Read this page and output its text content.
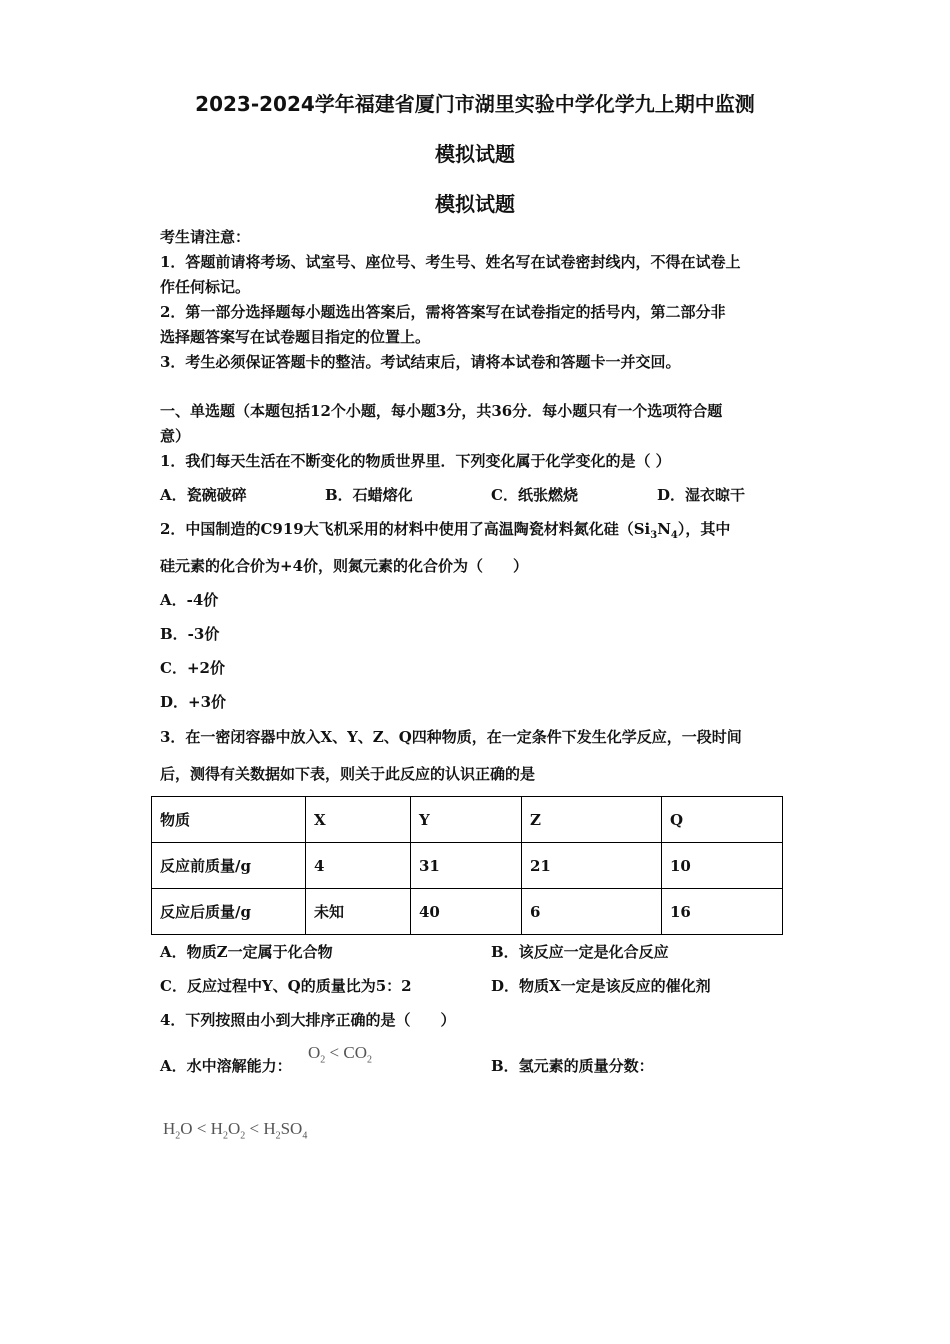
2023-2024学年福建省厦门市湖里实验中学化学九上期中监测
模拟试题
模拟试题
考生请注意：
1．答题前请将考场、试室号、座位号、考生号、姓名写在试卷密封线内，不得在试卷上
作任何标记。
2．第一部分选择题每小题选出答案后，需将答案写在试卷指定的括号内，第二部分非
选择题答案写在试卷题目指定的位置上。
3．考生必须保证答题卡的整洁。考试结束后，请将本试卷和答题卡一并交回。
一、单选题（本题包括12个小题，每小题3分，共36分．每小题只有一个选项符合题
意）
1．我们每天生活在不断变化的物质世界里．下列变化属于化学变化的是（ ）
A．瓷碗破碎	B．石蜡熔化	C．纸张燃烧	D．湿衣晾干
2．中国制造的C919大飞机采用的材料中使用了高温陶瓷材料氮化硅$(Si_3N_4)$，其中
硅元素的化合价为+4价，则氮元素的化合价为（　　）
A．-4价
B．-3价
C．+2价
D．+3价
3．在一密闭容器中放入X、Y、Z、Q四种物质，在一定条件下发生化学反应，一段时间
后，测得有关数据如下表，则关于此反应的认识正确的是
物质	X	Y	Z	Q
反应前质量/g	4	31	21	10
反应后质量/g	未知	40	6	16
A．物质Z一定属于化合物	B．该反应一定是化合反应
C．反应过程中Y、Q的质量比为5：2	D．物质X一定是该反应的催化剂
4．下列按照由小到大排序正确的是（　　）
A．水中溶解能力：
$O_2 < CO_2$	B．氢元素的质量分数：
$H_2O < H_2O_2 < H_2SO_4$
